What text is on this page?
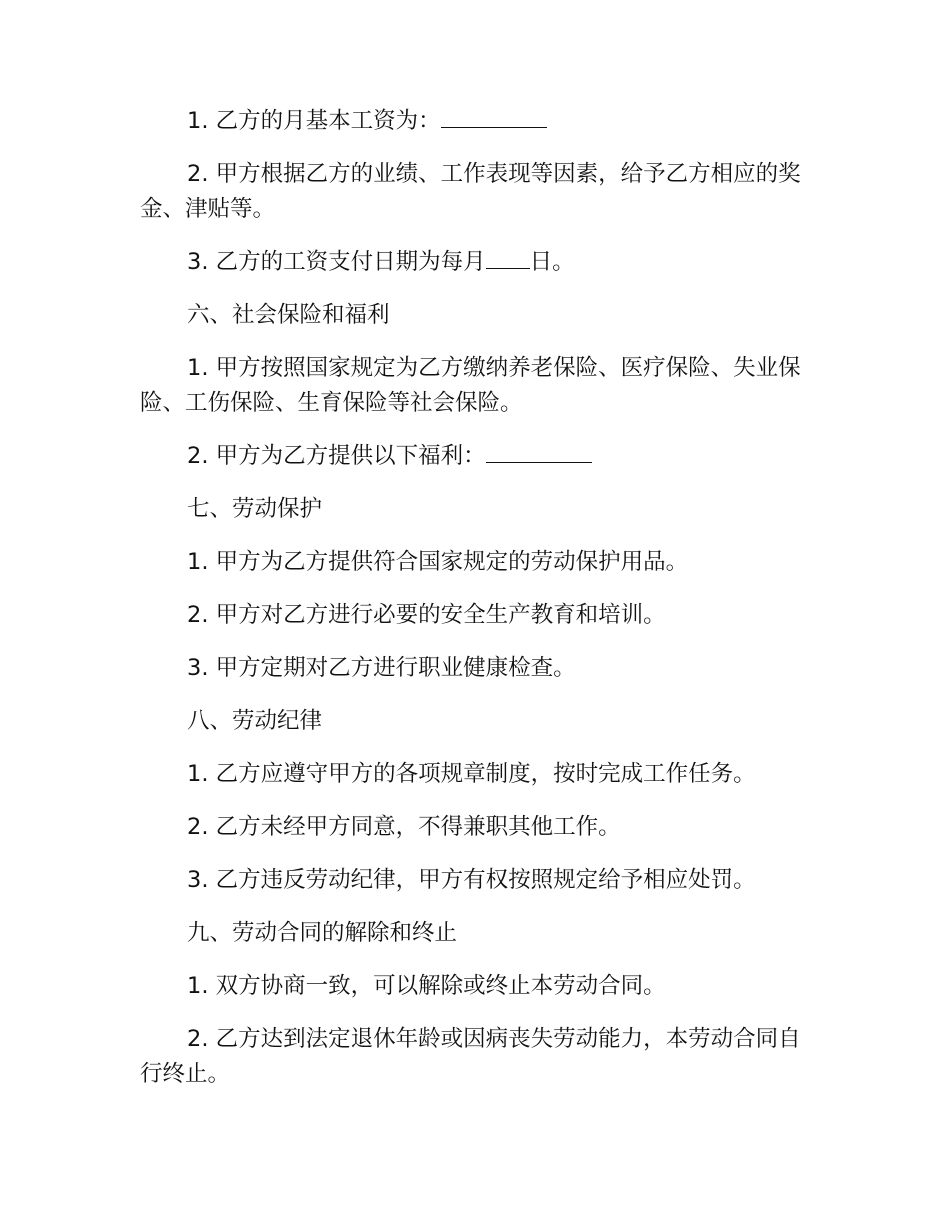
1. 乙方的月基本工资为：

2. 甲方根据乙方的业绩、工作表现等因素，给予乙方相应的奖金、津贴等。

3. 乙方的工资支付日期为每月 日。

六、社会保险和福利

1. 甲方按照国家规定为乙方缴纳养老保险、医疗保险、失业保险、工伤保险、生育保险等社会保险。

2. 甲方为乙方提供以下福利：

七、劳动保护

1. 甲方为乙方提供符合国家规定的劳动保护用品。

2. 甲方对乙方进行必要的安全生产教育和培训。

3. 甲方定期对乙方进行职业健康检查。

八、劳动纪律

1. 乙方应遵守甲方的各项规章制度，按时完成工作任务。

2. 乙方未经甲方同意，不得兼职其他工作。

3. 乙方违反劳动纪律，甲方有权按照规定给予相应处罚。

九、劳动合同的解除和终止

1. 双方协商一致，可以解除或终止本劳动合同。

2. 乙方达到法定退休年龄或因病丧失劳动能力，本劳动合同自行终止。
